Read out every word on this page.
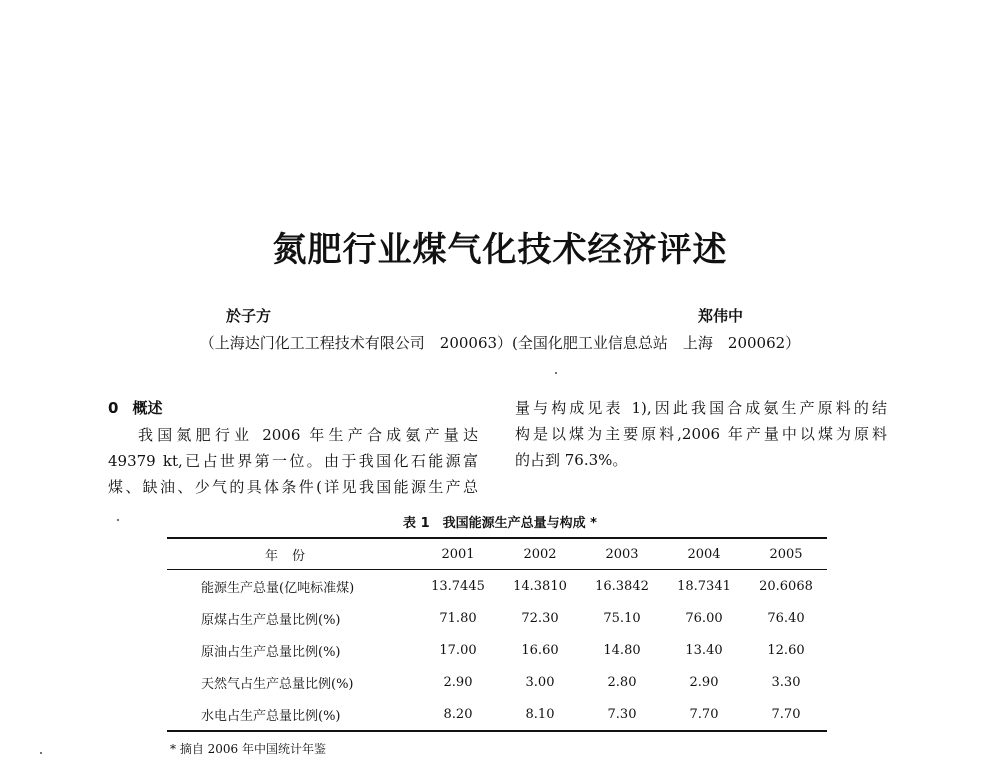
氮肥行业煤气化技术经济评述
於子方	郑伟中
（上海达门化工工程技术有限公司　200063）(全国化肥工业信息总站　上海　200062）
0 概述
我国氮肥行业 2006 年生产合成氨产量达
49379 kt,已占世界第一位。由于我国化石能源富
煤、缺油、少气的具体条件(详见我国能源生产总
量与构成见表 1),因此我国合成氨生产原料的结
构是以煤为主要原料,2006 年产量中以煤为原料
的占到 76.3%。
表 1　我国能源生产总量与构成 *
年份	2001	2002	2003	2004	2005
能源生产总量(亿吨标准煤)	13.7445	14.3810	16.3842	18.7341	20.6068
原煤占生产总量比例(%)	71.80	72.30	75.10	76.00	76.40
原油占生产总量比例(%)	17.00	16.60	14.80	13.40	12.60
天然气占生产总量比例(%)	2.90	3.00	2.80	2.90	3.30
水电占生产总量比例(%)	8.20	8.10	7.30	7.70	7.70
* 摘自 2006 年中国统计年鉴
